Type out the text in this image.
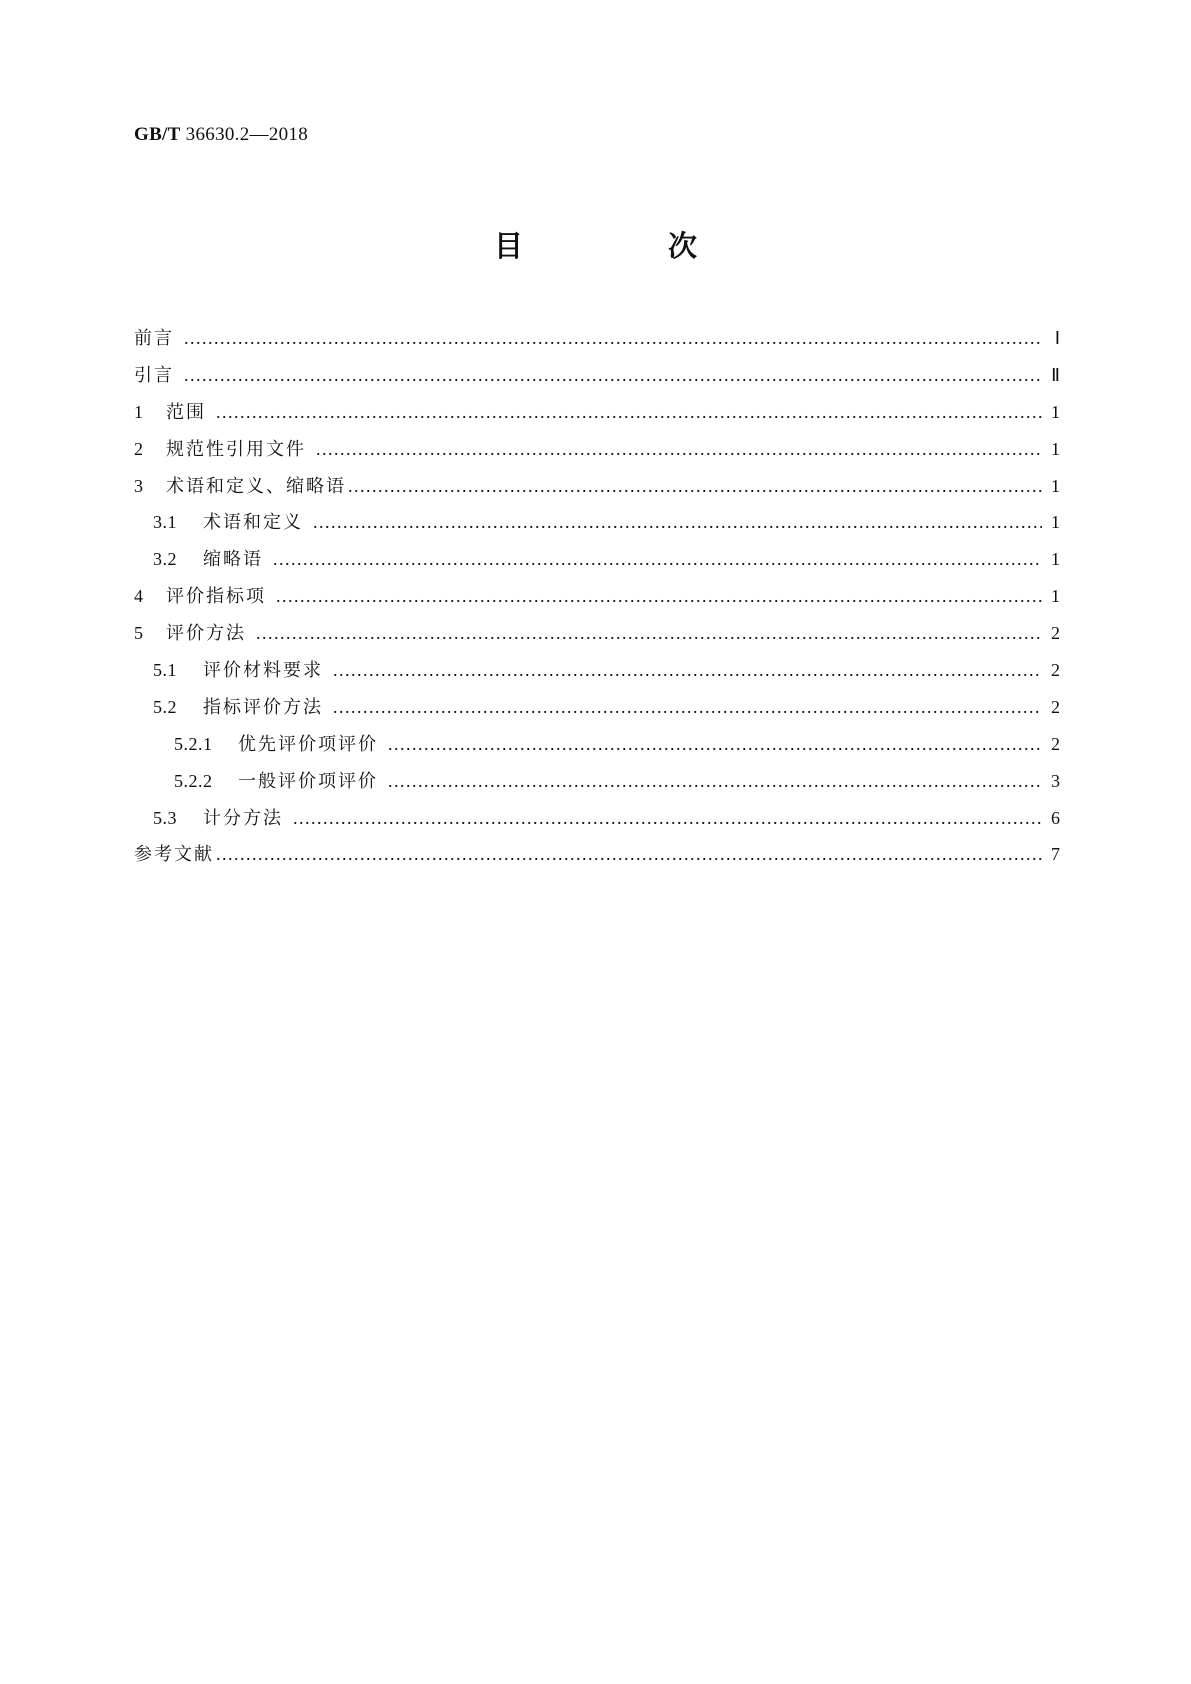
GB/T 36630.2—2018
目　次
前言 .....	Ⅰ
引言 .....	Ⅱ
1	范围 .....	1
2	规范性引用文件 .....	1
3	术语和定义、缩略语 .....	1
3.1	术语和定义 .....	1
3.2	缩略语 .....	1
4	评价指标项 .....	1
5	评价方法 .....	2
5.1	评价材料要求 .....	2
5.2	指标评价方法 .....	2
5.2.1	优先评价项评价 .....	2
5.2.2	一般评价项评价 .....	3
5.3	计分方法 .....	6
参考文献 .....	7
